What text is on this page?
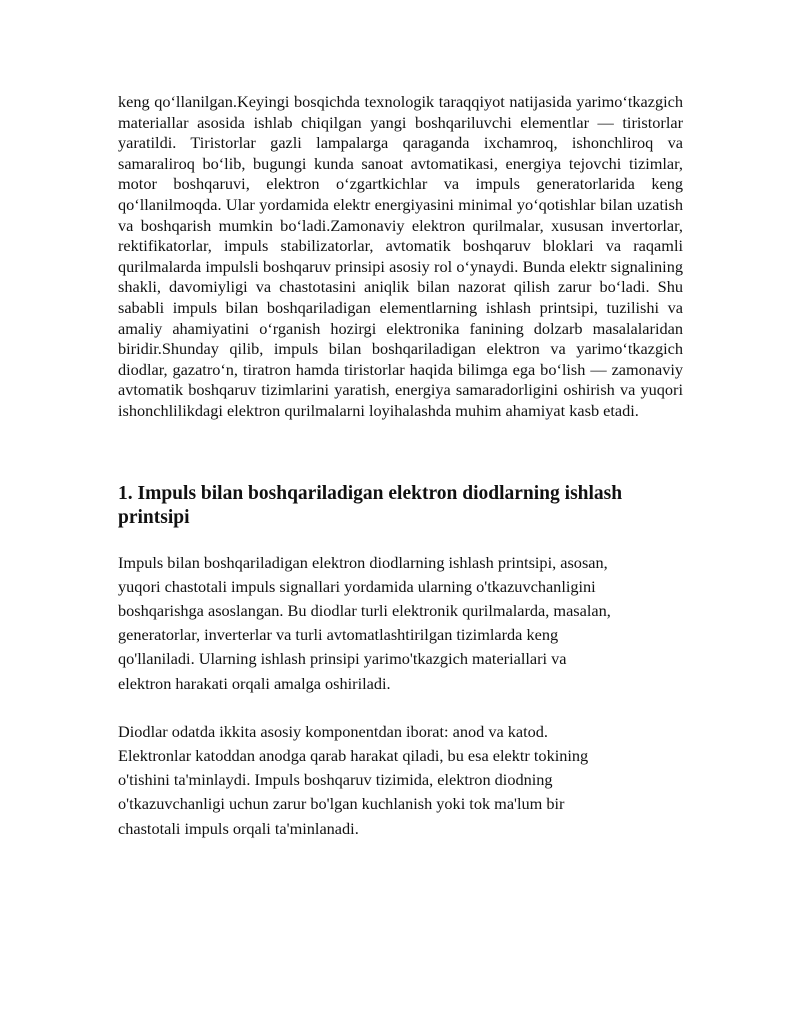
keng qo‘llanilgan.Keyingi bosqichda texnologik taraqqiyot natijasida yarimo‘tkazgich materiallar asosida ishlab chiqilgan yangi boshqariluvchi elementlar — tiristorlar yaratildi. Tiristorlar gazli lampalarga qaraganda ixchamroq, ishonchliroq va samaraliroq bo‘lib, bugungi kunda sanoat avtomatikasi, energiya tejovchi tizimlar, motor boshqaruvi, elektron o‘zgartkichlar va impuls generatorlarida keng qo‘llanilmoqda. Ular yordamida elektr energiyasini minimal yo‘qotishlar bilan uzatish va boshqarish mumkin bo‘ladi.Zamonaviy elektron qurilmalar, xususan invertorlar, rektifikatorlar, impuls stabilizatorlar, avtomatik boshqaruv bloklari va raqamli qurilmalarda impulsli boshqaruv prinsipi asosiy rol o‘ynaydi. Bunda elektr signalining shakli, davomiyligi va chastotasini aniqlik bilan nazorat qilish zarur bo‘ladi. Shu sababli impuls bilan boshqariladigan elementlarning ishlash printsipi, tuzilishi va amaliy ahamiyatini o‘rganish hozirgi elektronika fanining dolzarb masalalaridan biridir.Shunday qilib, impuls bilan boshqariladigan elektron va yarimo‘tkazgich diodlar, gazatro‘n, tiratron hamda tiristorlar haqida bilimga ega bo‘lish — zamonaviy avtomatik boshqaruv tizimlarini yaratish, energiya samaradorligini oshirish va yuqori ishonchlilikdagi elektron qurilmalarni loyihalashda muhim ahamiyat kasb etadi.

1. Impuls bilan boshqariladigan elektron diodlarning ishlash printsipi

Impuls bilan boshqariladigan elektron diodlarning ishlash printsipi, asosan,
yuqori chastotali impuls signallari yordamida ularning o'tkazuvchanligini
boshqarishga asoslangan. Bu diodlar turli elektronik qurilmalarda, masalan,
generatorlar, inverterlar va turli avtomatlashtirilgan tizimlarda keng
qo'llaniladi. Ularning ishlash prinsipi yarimo'tkazgich materiallari va
elektron harakati orqali amalga oshiriladi.

Diodlar odatda ikkita asosiy komponentdan iborat: anod va katod.
Elektronlar katoddan anodga qarab harakat qiladi, bu esa elektr tokining
o'tishini ta'minlaydi. Impuls boshqaruv tizimida, elektron diodning
o'tkazuvchanligi uchun zarur bo'lgan kuchlanish yoki tok ma'lum bir
chastotali impuls orqali ta'minlanadi.
